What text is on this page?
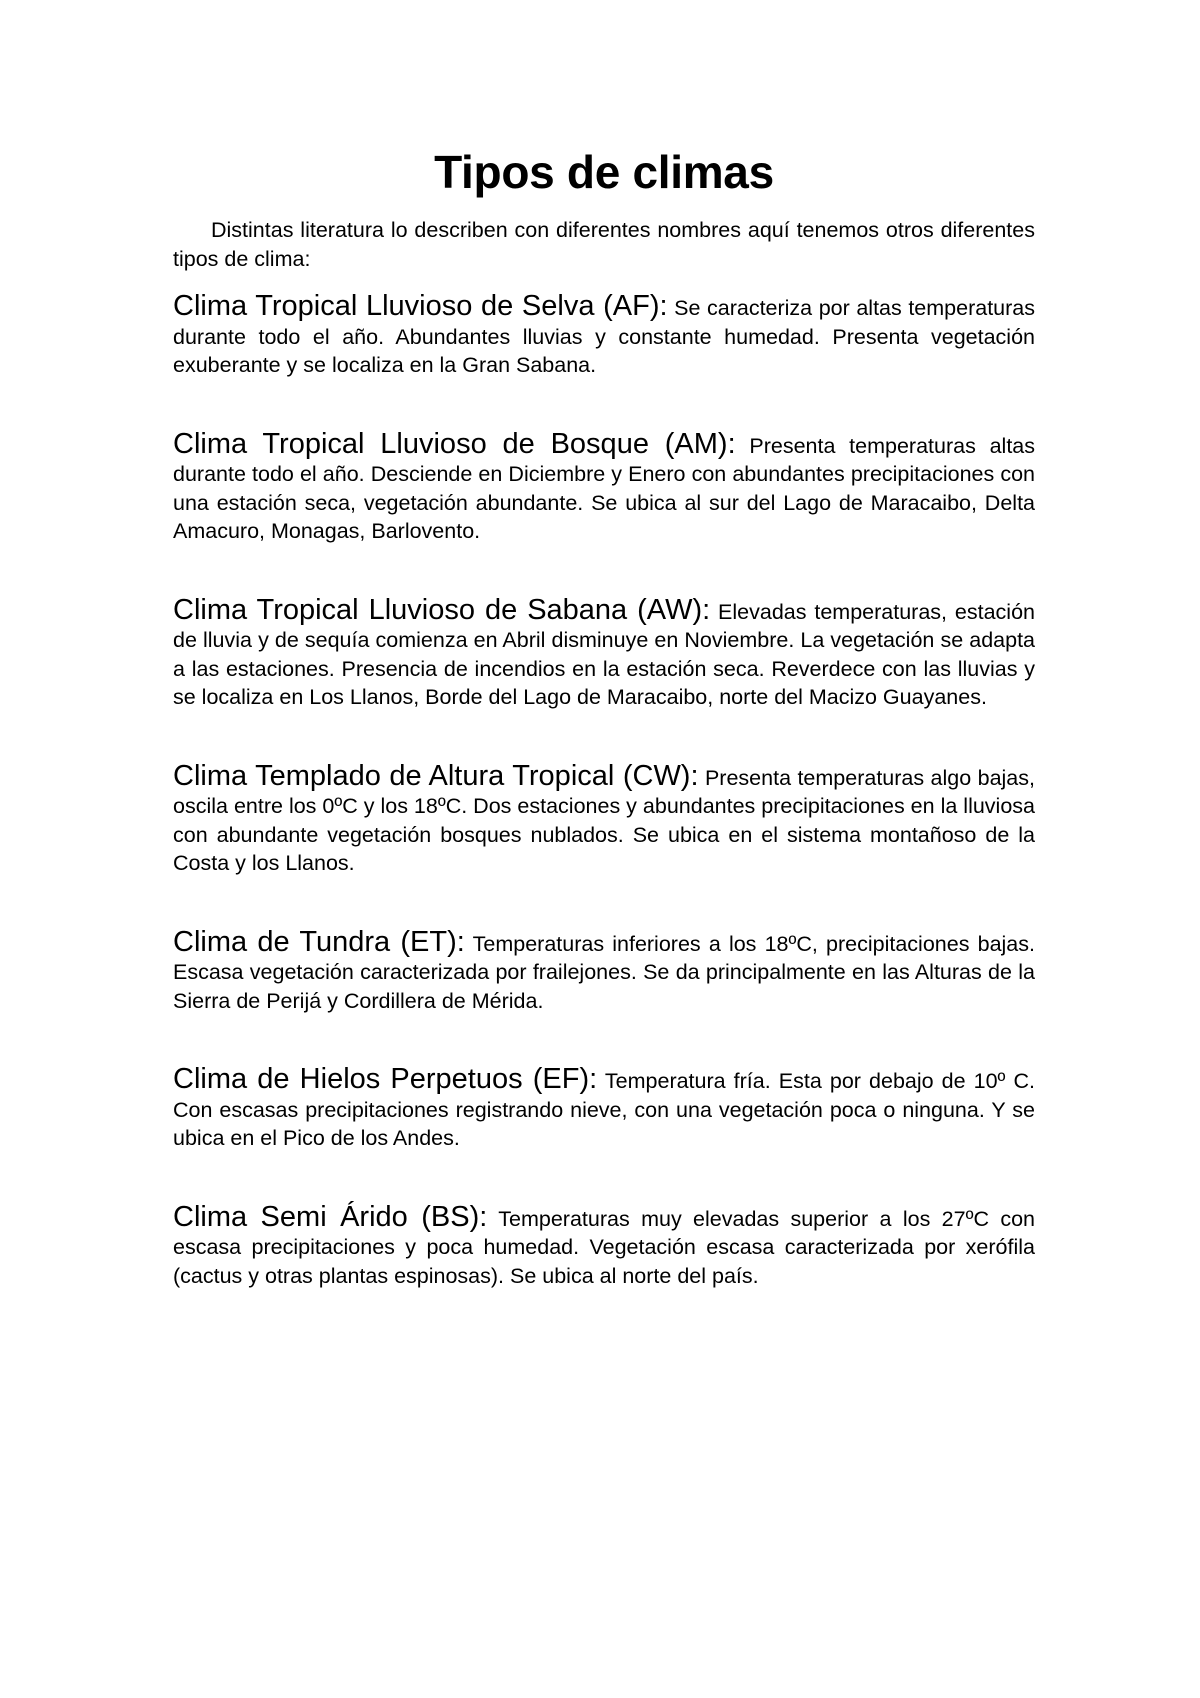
Tipos de climas

Distintas literatura lo describen con diferentes nombres aquí tenemos otros diferentes tipos de clima:

Clima Tropical Lluvioso de Selva (AF): Se caracteriza por altas temperaturas durante todo el año. Abundantes lluvias y constante humedad. Presenta vegetación exuberante y se localiza en la Gran Sabana.

Clima Tropical Lluvioso de Bosque (AM): Presenta temperaturas altas durante todo el año. Desciende en Diciembre y Enero con abundantes precipitaciones con una estación seca, vegetación abundante. Se ubica al sur del Lago de Maracaibo, Delta Amacuro, Monagas, Barlovento.

Clima Tropical Lluvioso de Sabana (AW): Elevadas temperaturas, estación de lluvia y de sequía comienza en Abril disminuye en Noviembre. La vegetación se adapta a las estaciones. Presencia de incendios en la estación seca. Reverdece con las lluvias y se localiza en Los Llanos, Borde del Lago de Maracaibo, norte del Macizo Guayanes.

Clima Templado de Altura Tropical (CW): Presenta temperaturas algo bajas, oscila entre los 0ºC y los 18ºC. Dos estaciones y abundantes precipitaciones en la lluviosa con abundante vegetación bosques nublados. Se ubica en el sistema montañoso de la Costa y los Llanos.

Clima de Tundra (ET): Temperaturas inferiores a los 18ºC, precipitaciones bajas. Escasa vegetación caracterizada por frailejones. Se da principalmente en las Alturas de la Sierra de Perijá y Cordillera de Mérida.

Clima de Hielos Perpetuos (EF): Temperatura fría. Esta por debajo de 10º C. Con escasas precipitaciones registrando nieve, con una vegetación poca o ninguna. Y se ubica en el Pico de los Andes.

Clima Semi Árido (BS): Temperaturas muy elevadas superior a los 27ºC con escasa precipitaciones y poca humedad. Vegetación escasa caracterizada por xerófila (cactus y otras plantas espinosas). Se ubica al norte del país.
